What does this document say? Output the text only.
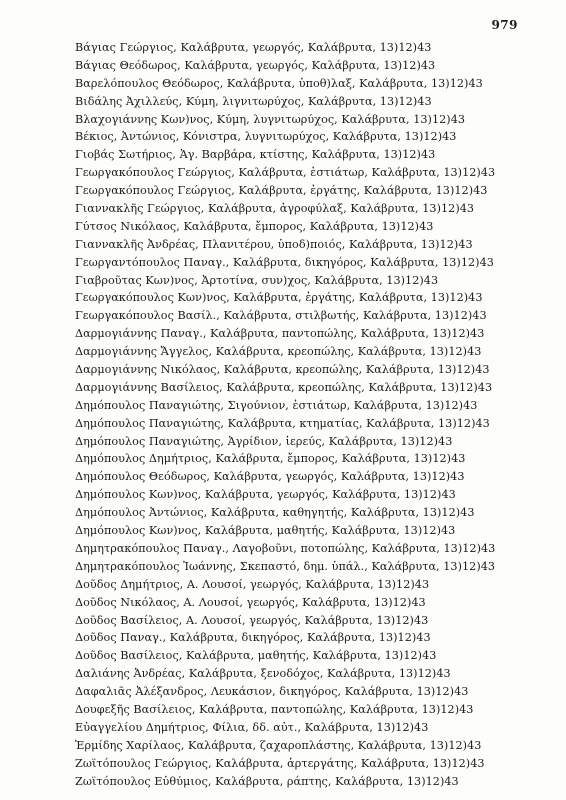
979
Βάγιας Γεώργιος, Καλάβρυτα, γεωργός, Καλάβρυτα, 13)12)43
Βάγιας Θεόδωρος, Καλάβρυτα, γεωργός, Καλάβρυτα, 13)12)43
Βαρελόπουλος Θεόδωρος, Καλάβρυτα, ὑποθ)λαξ, Καλάβρυτα, 13)12)43
Βιδάλης Ἀχιλλεύς, Κύμη, λιγνιτωρύχος, Καλάβρυτα, 13)12)43
Βλαχογιάννης Κων)νος, Κύμη, λυγνιτωρύχος, Καλάβρυτα, 13)12)43
Βέκιος, Ἀντώνιος, Κόνιστρα, λυγνιτωρύχος, Καλάβρυτα, 13)12)43
Γιοβάς Σωτήριος, Ἁγ. Βαρβάρα, κτίστης, Καλάβρυτα, 13)12)43
Γεωργακόπουλος Γεώργιος, Καλάβρυτα, ἑστιάτωρ, Καλάβρυτα, 13)12)43
Γεωργακόπουλος Γεώργιος, Καλάβρυτα, ἐργάτης, Καλάβρυτα, 13)12)43
Γιαννακλῆς Γεώργιος, Καλάβρυτα, ἀγροφύλαξ, Καλάβρυτα, 13)12)43
Γύτσος Νικόλαος, Καλάβρυτα, ἔμπορος, Καλάβρυτα, 13)12)43
Γιαννακλῆς Ἀνδρέας, Πλανιτέρου, ὑποδ)ποιός, Καλάβρυτα, 13)12)43
Γεωργαντόπουλος Παναγ., Καλάβρυτα, δικηγόρος, Καλάβρυτα, 13)12)43
Γιαβροῦτας Κων)νος, Ἀρτοτίνα, συν)χος, Καλάβρυτα, 13)12)43
Γεωργακόπουλος Κων)νος, Καλάβρυτα, ἐργάτης, Καλάβρυτα, 13)12)43
Γεωργακόπουλος Βασίλ., Καλάβρυτα, στιλβωτής, Καλάβρυτα, 13)12)43
Δαρμογιάννης Παναγ., Καλάβρυτα, παντοπώλης, Καλάβρυτα, 13)12)43
Δαρμογιάννης Ἄγγελος, Καλάβρυτα, κρεοπώλης, Καλάβρυτα, 13)12)43
Δαρμογιάννης Νικόλαος, Καλάβρυτα, κρεοπώλης, Καλάβρυτα, 13)12)43
Δαρμογιάννης Βασίλειος, Καλάβρυτα, κρεοπώλης, Καλάβρυτα, 13)12)43
Δημόπουλος Παναγιώτης, Σιγούνιον, ἑστιάτωρ, Καλάβρυτα, 13)12)43
Δημόπουλος Παναγιώτης, Καλάβρυτα, κτηματίας, Καλάβρυτα, 13)12)43
Δημόπουλος Παναγιώτης, Ἀγρίδιον, ἱερεύς, Καλάβρυτα, 13)12)43
Δημόπουλος Δημήτριος, Καλάβρυτα, ἔμπορος, Καλάβρυτα, 13)12)43
Δημόπουλος Θεόδωρος, Καλάβρυτα, γεωργός, Καλάβρυτα, 13)12)43
Δημόπουλος Κων)νος, Καλάβρυτα, γεωργός, Καλάβρυτα, 13)12)43
Δημόπουλος Ἀντώνιος, Καλάβρυτα, καθηγητής, Καλάβρυτα, 13)12)43
Δημόπουλος Κων)νος, Καλάβρυτα, μαθητής, Καλάβρυτα, 13)12)43
Δημητρακόπουλος Παναγ., Λαγοβοῦνι, ποτοπώλης, Καλάβρυτα, 13)12)43
Δημητρακόπουλος Ἰωάννης, Σκεπαστό, δημ. ὑπάλ., Καλάβρυτα, 13)12)43
Δοῦδος Δημήτριος, Α. Λουσοί, γεωργός, Καλάβρυτα, 13)12)43
Δοῦδος Νικόλαος, Α. Λουσοί, γεωργός, Καλάβρυτα, 13)12)43
Δοῦδος Βασίλειος, Α. Λουσοί, γεωργός, Καλάβρυτα, 13)12)43
Δοῦδος Παναγ., Καλάβρυτα, δικηγόρος, Καλάβρυτα, 13)12)43
Δοῦδος Βασίλειος, Καλάβρυτα, μαθητής, Καλάβρυτα, 13)12)43
Δαλιάνης Ἀνδρέας, Καλάβρυτα, ξενοδόχος, Καλάβρυτα, 13)12)43
Δαφαλιᾶς Ἀλέξανδρος, Λευκάσιον, δικηγόρος, Καλάβρυτα, 13)12)43
Δουφεξῆς Βασίλειος, Καλάβρυτα, παντοπώλης, Καλάβρυτα, 13)12)43
Εὐαγγελίου Δημήτριος, Φίλια, δδ. αὐτ., Καλάβρυτα, 13)12)43
Ἑρμίδης Χαρίλαος, Καλάβρυτα, ζαχαροπλάστης, Καλάβρυτα, 13)12)43
Ζωϊτόπουλος Γεώργιος, Καλάβρυτα, ἀρτεργάτης, Καλάβρυτα, 13)12)43
Ζωϊτόπουλος Εὐθύμιος, Καλάβρυτα, ράπτης, Καλάβρυτα, 13)12)43
